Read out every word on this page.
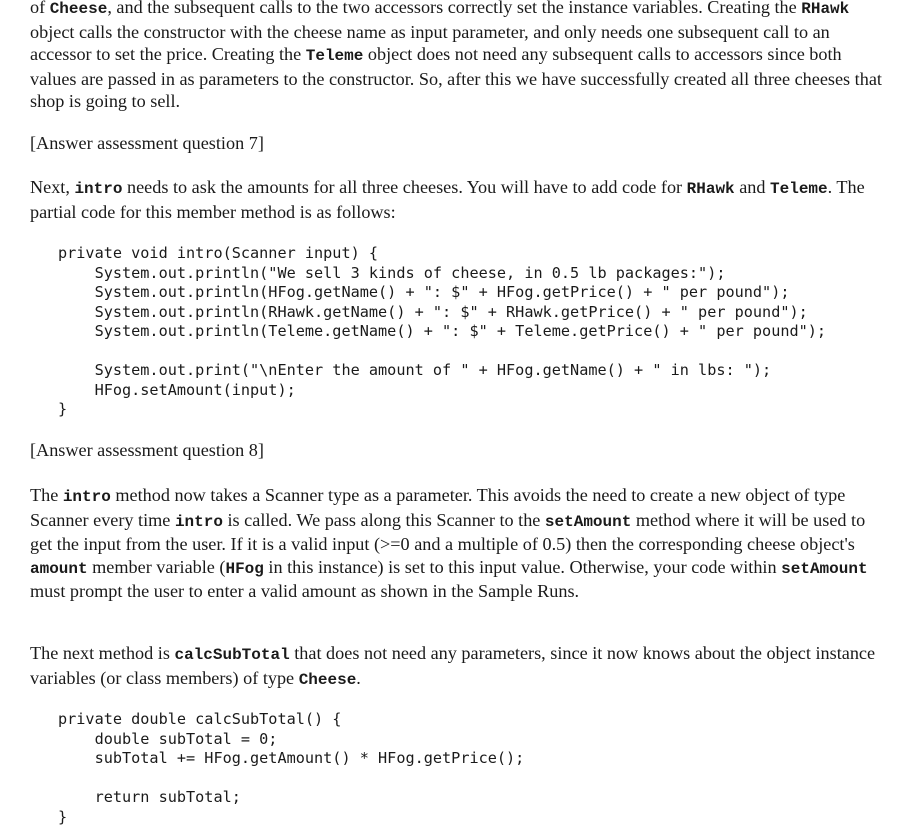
of Cheese, and the subsequent calls to the two accessors correctly set the instance variables. Creating the RHawk object calls the constructor with the cheese name as input parameter, and only needs one subsequent call to an accessor to set the price. Creating the Teleme object does not need any subsequent calls to accessors since both values are passed in as parameters to the constructor. So, after this we have successfully created all three cheeses that shop is going to sell.

[Answer assessment question 7]

Next, intro needs to ask the amounts for all three cheeses. You will have to add code for RHawk and Teleme. The partial code for this member method is as follows:

private void intro(Scanner input) {
System.out.println("We sell 3 kinds of cheese, in 0.5 lb packages:");
System.out.println(HFog.getName() + ": $" + HFog.getPrice() + " per pound");
System.out.println(RHawk.getName() + ": $" + RHawk.getPrice() + " per pound");
System.out.println(Teleme.getName() + ": $" + Teleme.getPrice() + " per pound");

System.out.print("\nEnter the amount of " + HFog.getName() + " in lbs: ");
HFog.setAmount(input);
}

[Answer assessment question 8]

The intro method now takes a Scanner type as a parameter. This avoids the need to create a new object of type Scanner every time intro is called. We pass along this Scanner to the setAmount method where it will be used to get the input from the user. If it is a valid input (>=0 and a multiple of 0.5) then the corresponding cheese object's amount member variable (HFog in this instance) is set to this input value. Otherwise, your code within setAmount must prompt the user to enter a valid amount as shown in the Sample Runs.

The next method is calcSubTotal that does not need any parameters, since it now knows about the object instance variables (or class members) of type Cheese.

private double calcSubTotal() {
double subTotal = 0;
subTotal += HFog.getAmount() * HFog.getPrice();

return subTotal;
}
